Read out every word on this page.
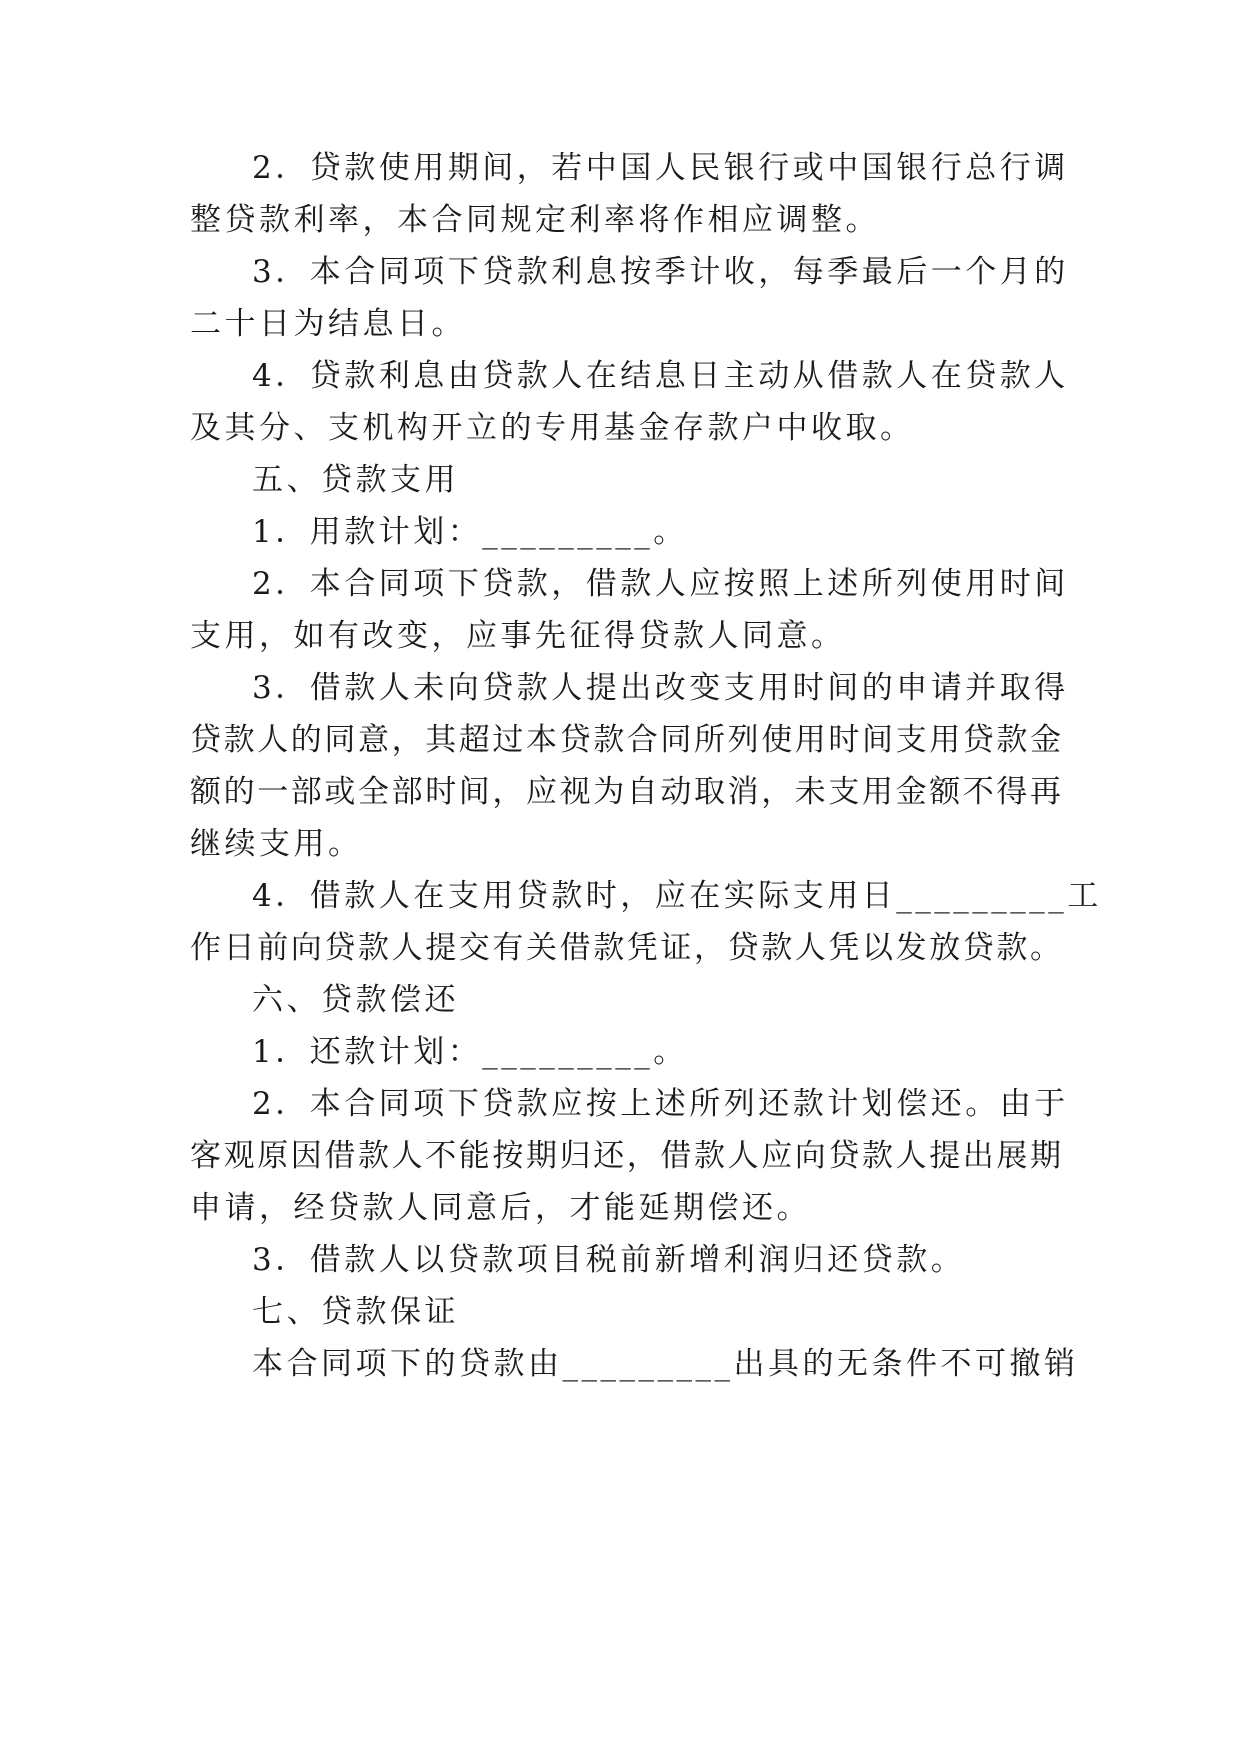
2．贷款使用期间，若中国人民银行或中国银行总行调
整贷款利率，本合同规定利率将作相应调整。
3．本合同项下贷款利息按季计收，每季最后一个月的
二十日为结息日。
4．贷款利息由贷款人在结息日主动从借款人在贷款人
及其分、支机构开立的专用基金存款户中收取。
五、贷款支用
1．用款计划：_________。
2．本合同项下贷款，借款人应按照上述所列使用时间
支用，如有改变，应事先征得贷款人同意。
3．借款人未向贷款人提出改变支用时间的申请并取得
贷款人的同意，其超过本贷款合同所列使用时间支用贷款金
额的一部或全部时间，应视为自动取消，未支用金额不得再
继续支用。
4．借款人在支用贷款时，应在实际支用日_________工
作日前向贷款人提交有关借款凭证，贷款人凭以发放贷款。
六、贷款偿还
1．还款计划：_________。
2．本合同项下贷款应按上述所列还款计划偿还。由于
客观原因借款人不能按期归还，借款人应向贷款人提出展期
申请，经贷款人同意后，才能延期偿还。
3．借款人以贷款项目税前新增利润归还贷款。
七、贷款保证
本合同项下的贷款由_________出具的无条件不可撤销
